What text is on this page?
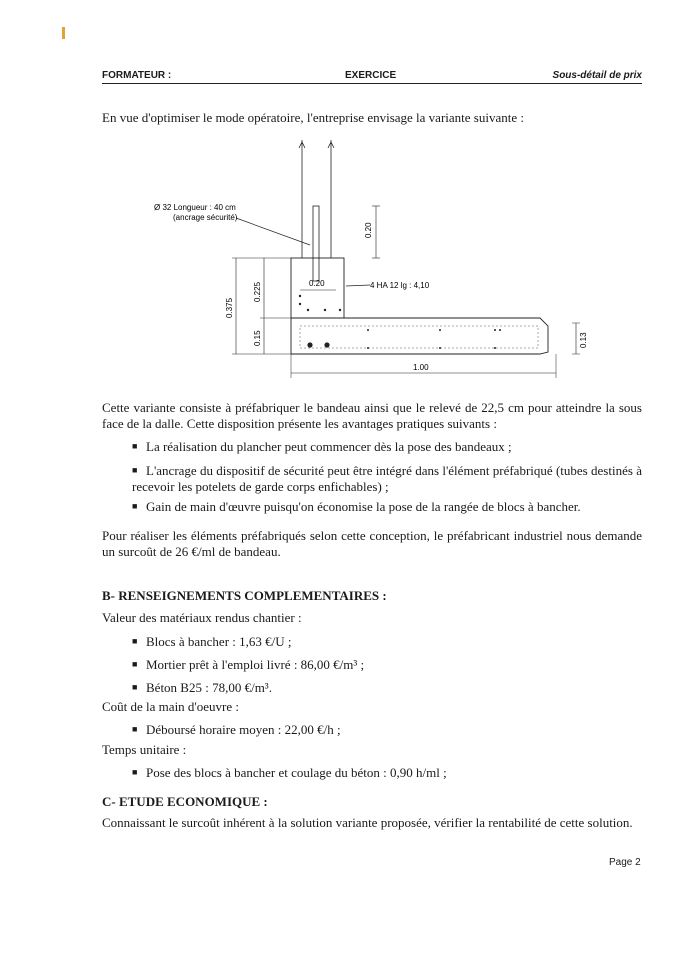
FORMATEUR :	EXERCICE	Sous-détail de prix
En vue d'optimiser le mode opératoire, l'entreprise envisage la variante suivante :
Ø 32 Longueur : 40 cm
(ancrage sécurité)
0.20
0.20	4 HA 12 lg : 4,10
0.375
0.225
0.15	0.13
1.00
Cette variante consiste à préfabriquer le bandeau ainsi que le relevé de 22,5 cm pour atteindre la sous face de la dalle. Cette disposition présente les avantages pratiques suivants :
■ La réalisation du plancher peut commencer dès la pose des bandeaux ;
■ L'ancrage du dispositif de sécurité peut être intégré dans l'élément préfabriqué (tubes destinés à recevoir les potelets de garde corps enfichables) ;
■ Gain de main d'œuvre puisqu'on économise la pose de la rangée de blocs à bancher.
Pour réaliser les éléments préfabriqués selon cette conception, le préfabricant industriel nous demande un surcoût de 26 €/ml de bandeau.
B- RENSEIGNEMENTS COMPLEMENTAIRES :
Valeur des matériaux rendus chantier :
■ Blocs à bancher : 1,63 €/U ;
■ Mortier prêt à l'emploi livré : 86,00 €/m³ ;
■ Béton B25 : 78,00 €/m³.
Coût de la main d'oeuvre :
■ Déboursé horaire moyen : 22,00 €/h ;
Temps unitaire :
■ Pose des blocs à bancher et coulage du béton : 0,90 h/ml ;
C- ETUDE ECONOMIQUE :
Connaissant le surcoût inhérent à la solution variante proposée, vérifier la rentabilité de cette solution.
Page 2
